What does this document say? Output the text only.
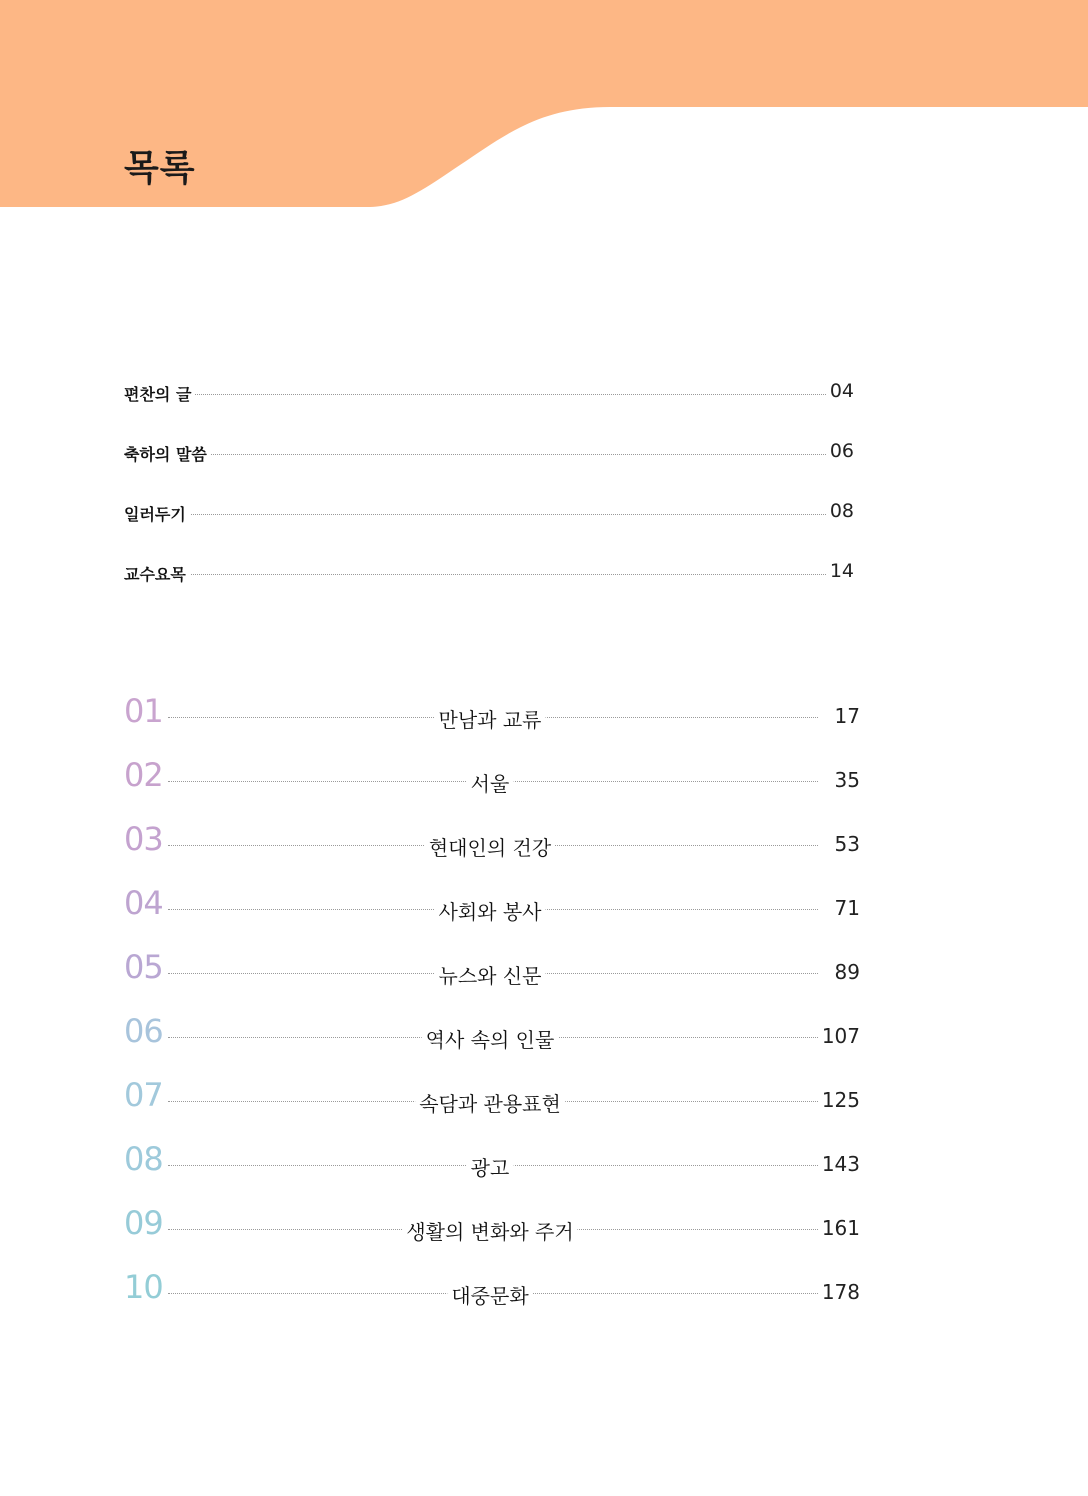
목록
편찬의 글	04
축하의 말씀	06
일러두기	08
교수요목	14
01	만남과 교류	17
02	서울	35
03	현대인의 건강	53
04	사회와 봉사	71
05	뉴스와 신문	89
06	역사 속의 인물	107
07	속담과 관용표현	125
08	광고	143
09	생활의 변화와 주거	161
10	대중문화	178
